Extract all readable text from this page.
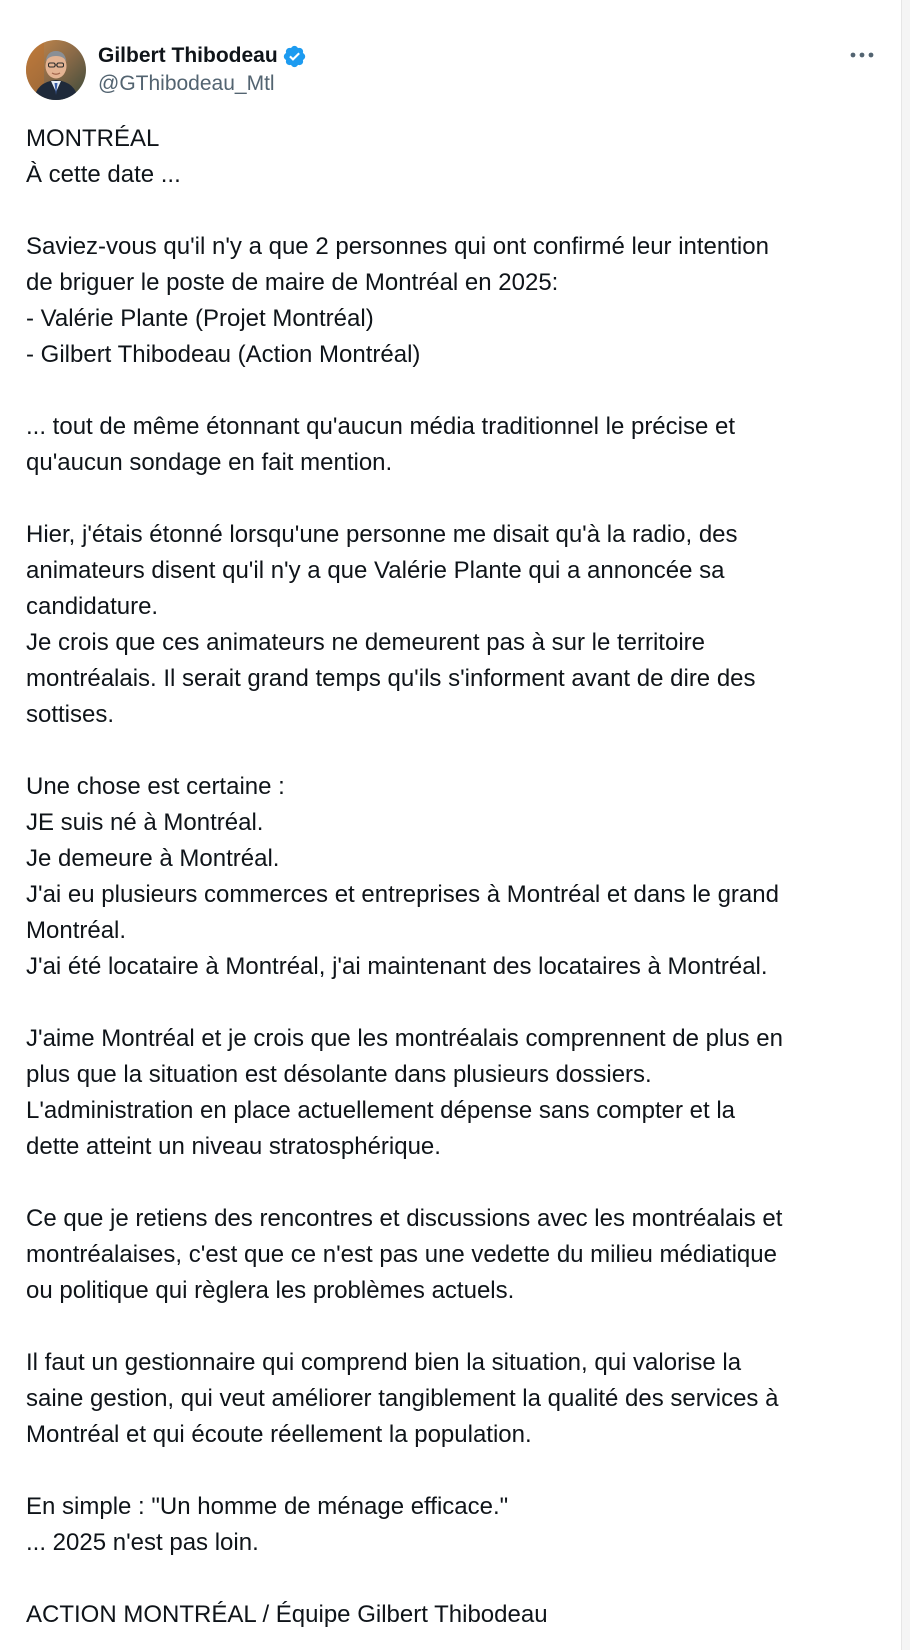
Gilbert Thibodeau
@GThibodeau_Mtl

MONTRÉAL

À cette date ...

Saviez-vous qu'il n'y a que 2 personnes qui ont confirmé leur intention

de briguer le poste de maire de Montréal en 2025:

- Valérie Plante (Projet Montréal)

- Gilbert Thibodeau (Action Montréal)

... tout de même étonnant qu'aucun média traditionnel le précise et

qu'aucun sondage en fait mention.

Hier, j'étais étonné lorsqu'une personne me disait qu'à la radio, des

animateurs disent qu'il n'y a que Valérie Plante qui a annoncée sa

candidature.

Je crois que ces animateurs ne demeurent pas à sur le territoire

montréalais. Il serait grand temps qu'ils s'informent avant de dire des

sottises.

Une chose est certaine :

JE suis né à Montréal.

Je demeure à Montréal.

J'ai eu plusieurs commerces et entreprises à Montréal et dans le grand

Montréal.

J'ai été locataire à Montréal, j'ai maintenant des locataires à Montréal.

J'aime Montréal et je crois que les montréalais comprennent de plus en

plus que la situation est désolante dans plusieurs dossiers.

L'administration en place actuellement dépense sans compter et la

dette atteint un niveau stratosphérique.

Ce que je retiens des rencontres et discussions avec les montréalais et

montréalaises, c'est que ce n'est pas une vedette du milieu médiatique

ou politique qui règlera les problèmes actuels.

Il faut un gestionnaire qui comprend bien la situation, qui valorise la

saine gestion, qui veut améliorer tangiblement la qualité des services à

Montréal et qui écoute réellement la population.

En simple : "Un homme de ménage efficace."

... 2025 n'est pas loin.

ACTION MONTRÉAL / Équipe Gilbert Thibodeau
